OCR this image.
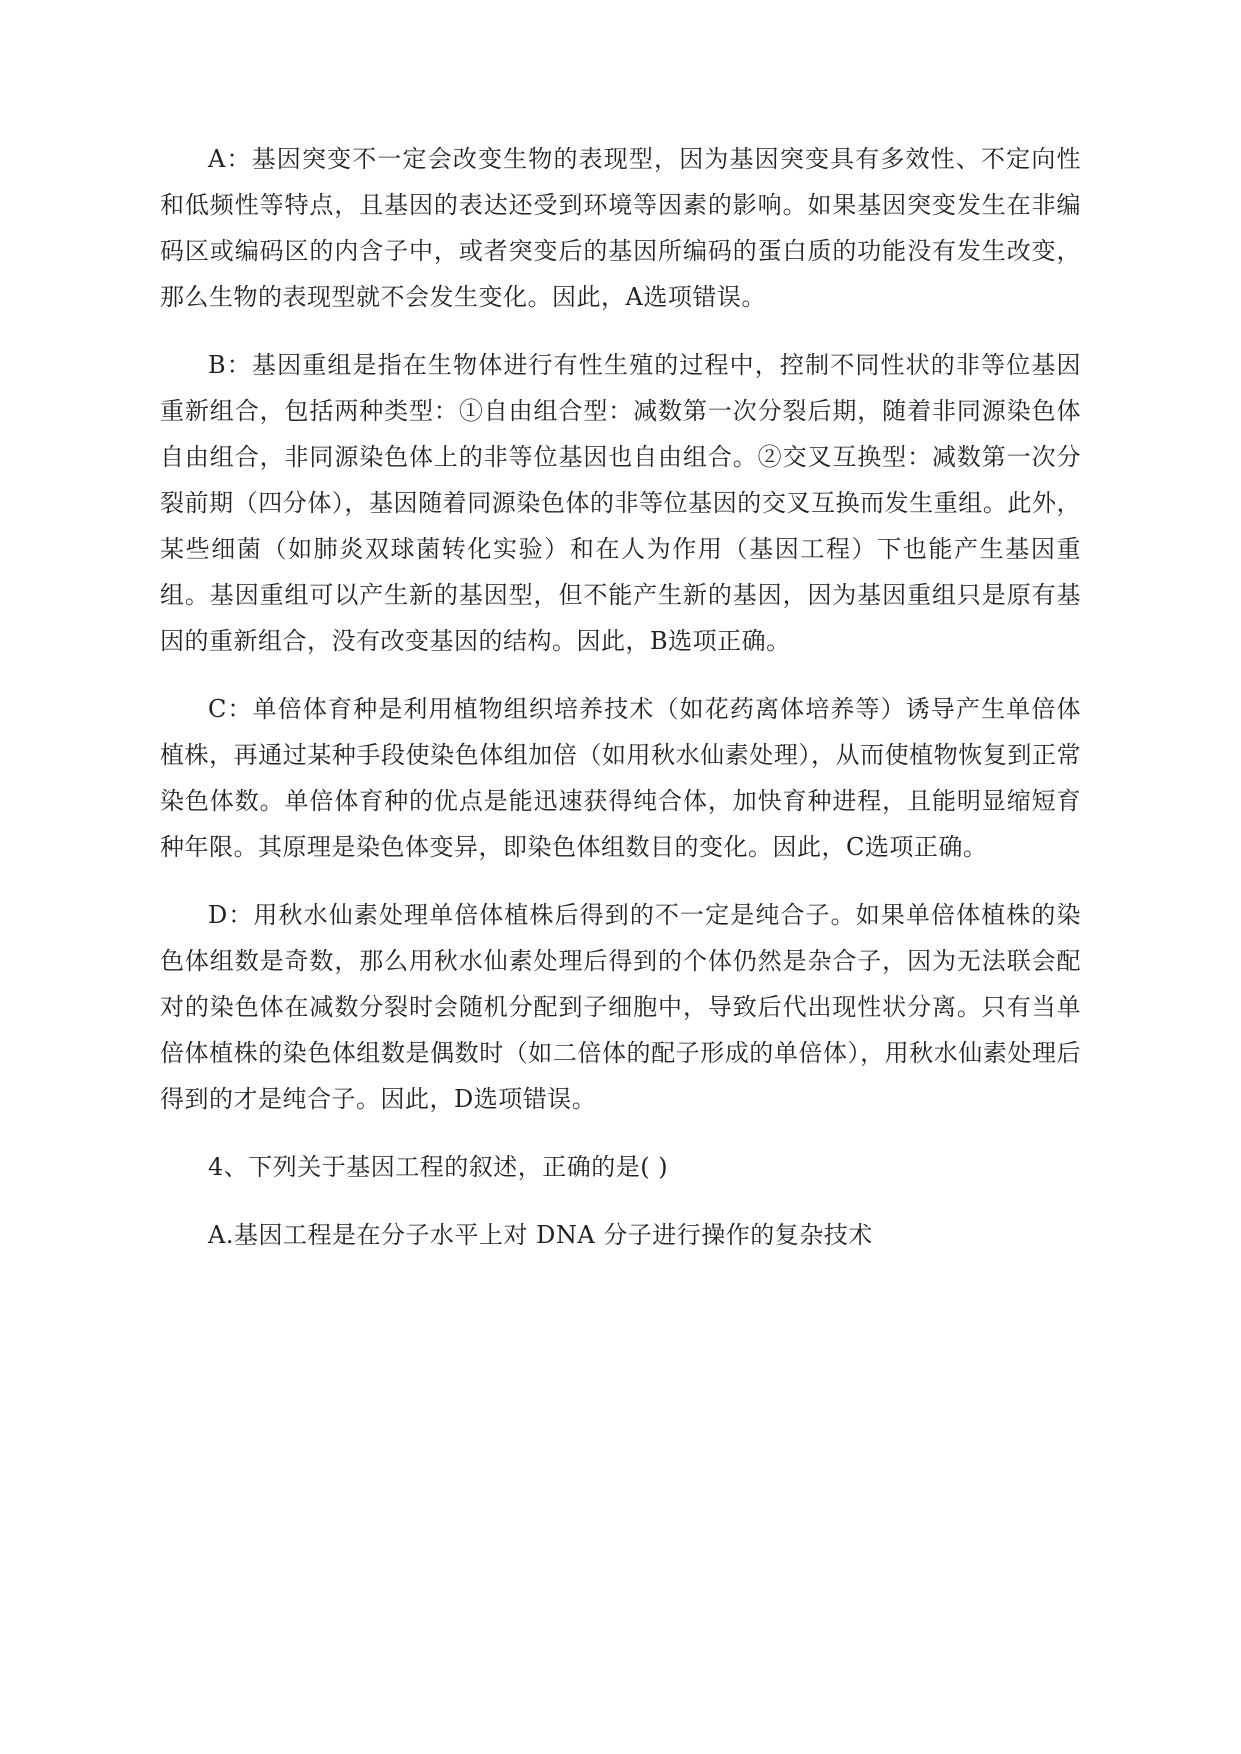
A：基因突变不一定会改变生物的表现型，因为基因突变具有多效性、不定向性和低频性等特点，且基因的表达还受到环境等因素的影响。如果基因突变发生在非编码区或编码区的内含子中，或者突变后的基因所编码的蛋白质的功能没有发生改变，那么生物的表现型就不会发生变化。因此，A选项错误。

B：基因重组是指在生物体进行有性生殖的过程中，控制不同性状的非等位基因重新组合，包括两种类型：①自由组合型：减数第一次分裂后期，随着非同源染色体自由组合，非同源染色体上的非等位基因也自由组合。②交叉互换型：减数第一次分裂前期（四分体），基因随着同源染色体的非等位基因的交叉互换而发生重组。此外，某些细菌（如肺炎双球菌转化实验）和在人为作用（基因工程）下也能产生基因重组。基因重组可以产生新的基因型，但不能产生新的基因，因为基因重组只是原有基因的重新组合，没有改变基因的结构。因此，B选项正确。

C：单倍体育种是利用植物组织培养技术（如花药离体培养等）诱导产生单倍体植株，再通过某种手段使染色体组加倍（如用秋水仙素处理），从而使植物恢复到正常染色体数。单倍体育种的优点是能迅速获得纯合体，加快育种进程，且能明显缩短育种年限。其原理是染色体变异，即染色体组数目的变化。因此，C选项正确。

D：用秋水仙素处理单倍体植株后得到的不一定是纯合子。如果单倍体植株的染色体组数是奇数，那么用秋水仙素处理后得到的个体仍然是杂合子，因为无法联会配对的染色体在减数分裂时会随机分配到子细胞中，导致后代出现性状分离。只有当单倍体植株的染色体组数是偶数时（如二倍体的配子形成的单倍体），用秋水仙素处理后得到的才是纯合子。因此，D选项错误。

4、下列关于基因工程的叙述，正确的是( )

A.基因工程是在分子水平上对 DNA 分子进行操作的复杂技术
